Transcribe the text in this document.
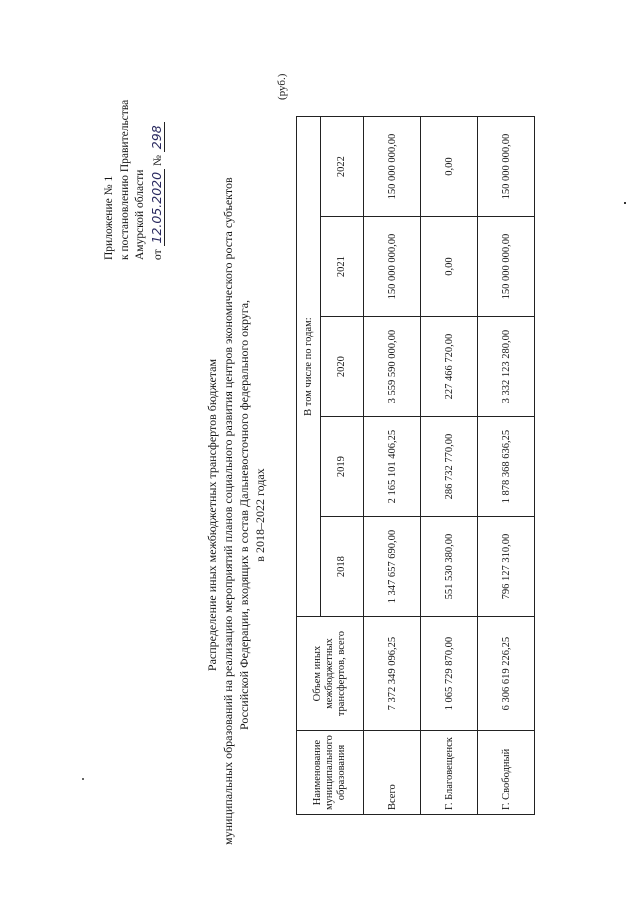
Приложение № 1 к постановлению Правительства Амурской области от 12.05.2020 № 298
Распределение иных межбюджетных трансфертов бюджетам муниципальных образований на реализацию мероприятий планов социального развития центров экономического роста субъектов Российской Федерации, входящих в состав Дальневосточного федерального округа, в 2018–2022 годах
(руб.)
Наименование муниципального образования	Объем иных межбюджетных трансфертов, всего	В том числе по годам:				
		2018	2019	2020	2021	2022
Всего	7 372 349 096,25	1 347 657 690,00	2 165 101 406,25	3 559 590 000,00	150 000 000,00	150 000 000,00
Г. Благовещенск	1 065 729 870,00	551 530 380,00	286 732 770,00	227 466 720,00	0,00	0,00
Г. Свободный	6 306 619 226,25	796 127 310,00	1 878 368 636,25	3 332 123 280,00	150 000 000,00	150 000 000,00
